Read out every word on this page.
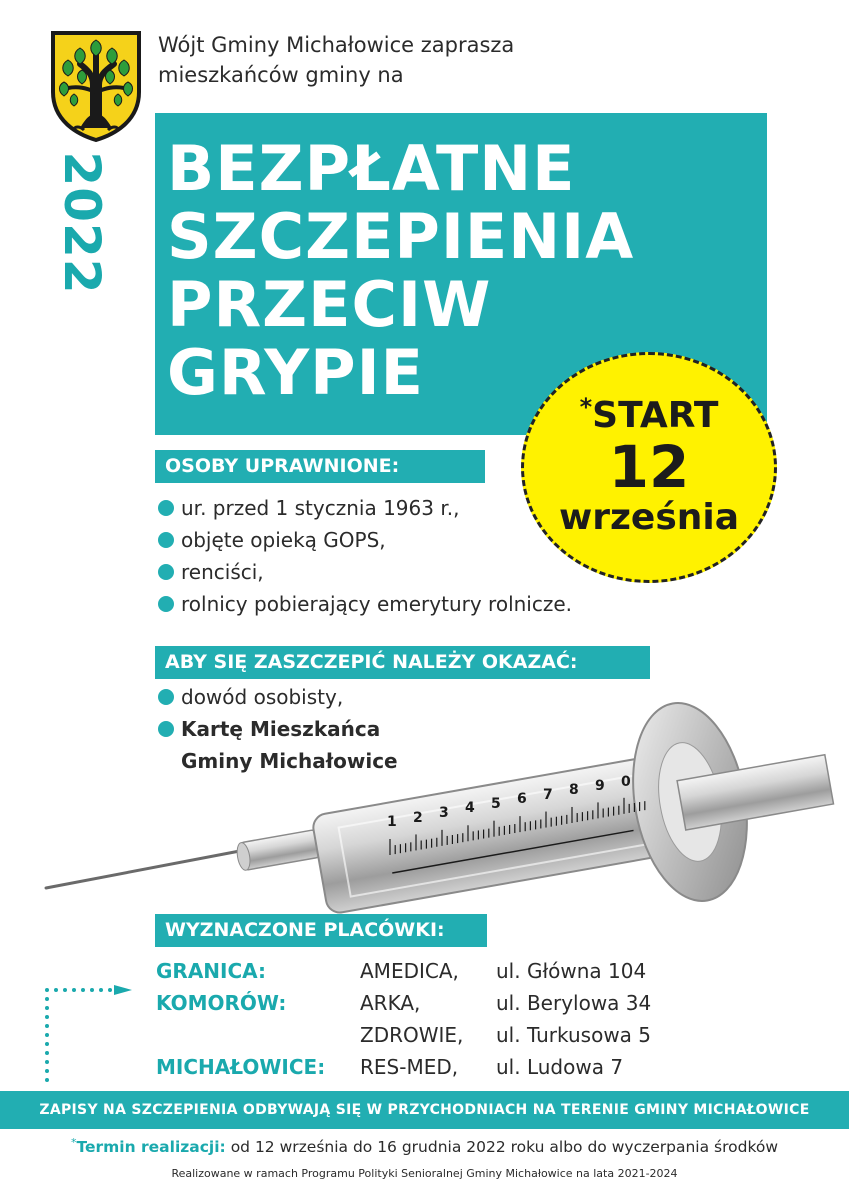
Wójt Gminy Michałowice zaprasza
mieszkańców gminy na
2022 BEZPŁATNE
SZCZEPIENIA
PRZECIW
GRYPIE	*START
12
września
OSOBY UPRAWNIONE:
ur. przed 1 stycznia 1963 r.,
objęte opieką GOPS,
renciści,
rolnicy pobierający emerytury rolnicze.
1 2 3 4 5 6 7 8 9 0
ABY SIĘ ZASZCZEPIĆ NALEŻY OKAZAĆ:
dowód osobisty,
Kartę Mieszkańca
Gminy Michałowice
WYZNACZONE PLACÓWKI:
GRANICA:	AMEDICA, ul. Główna 104
KOMORÓW:	ARKA,	ul. Berylowa 34
ZDROWIE, ul. Turkusowa 5
MICHAŁOWICE: RES-MED, ul. Ludowa 7
ZAPISY NA SZCZEPIENIA ODBYWAJĄ SIĘ W PRZYCHODNIACH NA TERENIE GMINY MICHAŁOWICE
*Termin realizacji: od 12 września do 16 grudnia 2022 roku albo do wyczerpania środków
Realizowane w ramach Programu Polityki Senioralnej Gminy Michałowice na lata 2021-2024
